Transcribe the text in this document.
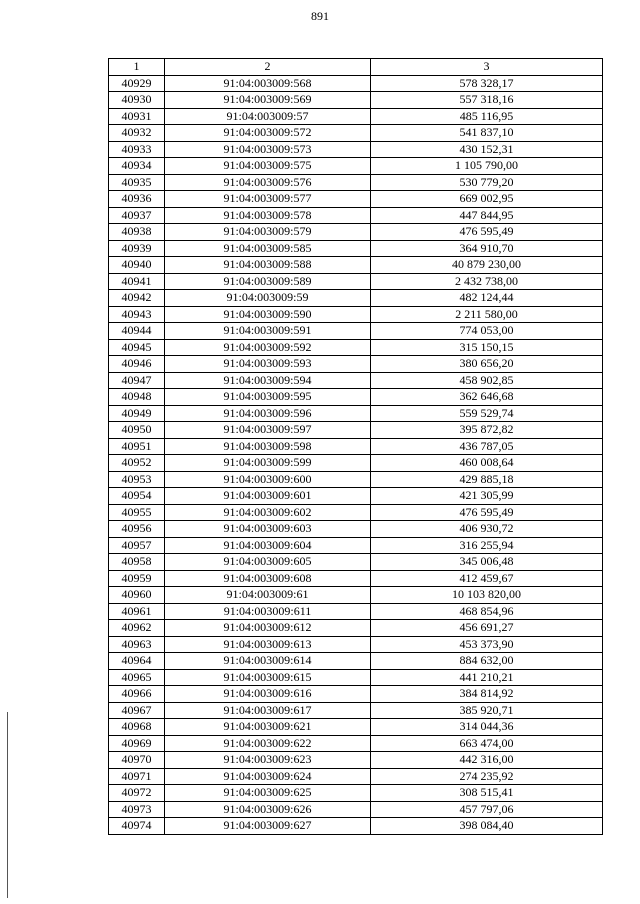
891
1	2	3
40929	91:04:003009:568	578 328,17
40930	91:04:003009:569	557 318,16
40931	91:04:003009:57	485 116,95
40932	91:04:003009:572	541 837,10
40933	91:04:003009:573	430 152,31
40934	91:04:003009:575	1 105 790,00
40935	91:04:003009:576	530 779,20
40936	91:04:003009:577	669 002,95
40937	91:04:003009:578	447 844,95
40938	91:04:003009:579	476 595,49
40939	91:04:003009:585	364 910,70
40940	91:04:003009:588	40 879 230,00
40941	91:04:003009:589	2 432 738,00
40942	91:04:003009:59	482 124,44
40943	91:04:003009:590	2 211 580,00
40944	91:04:003009:591	774 053,00
40945	91:04:003009:592	315 150,15
40946	91:04:003009:593	380 656,20
40947	91:04:003009:594	458 902,85
40948	91:04:003009:595	362 646,68
40949	91:04:003009:596	559 529,74
40950	91:04:003009:597	395 872,82
40951	91:04:003009:598	436 787,05
40952	91:04:003009:599	460 008,64
40953	91:04:003009:600	429 885,18
40954	91:04:003009:601	421 305,99
40955	91:04:003009:602	476 595,49
40956	91:04:003009:603	406 930,72
40957	91:04:003009:604	316 255,94
40958	91:04:003009:605	345 006,48
40959	91:04:003009:608	412 459,67
40960	91:04:003009:61	10 103 820,00
40961	91:04:003009:611	468 854,96
40962	91:04:003009:612	456 691,27
40963	91:04:003009:613	453 373,90
40964	91:04:003009:614	884 632,00
40965	91:04:003009:615	441 210,21
40966	91:04:003009:616	384 814,92
40967	91:04:003009:617	385 920,71
40968	91:04:003009:621	314 044,36
40969	91:04:003009:622	663 474,00
40970	91:04:003009:623	442 316,00
40971	91:04:003009:624	274 235,92
40972	91:04:003009:625	308 515,41
40973	91:04:003009:626	457 797,06
40974	91:04:003009:627	398 084,40
